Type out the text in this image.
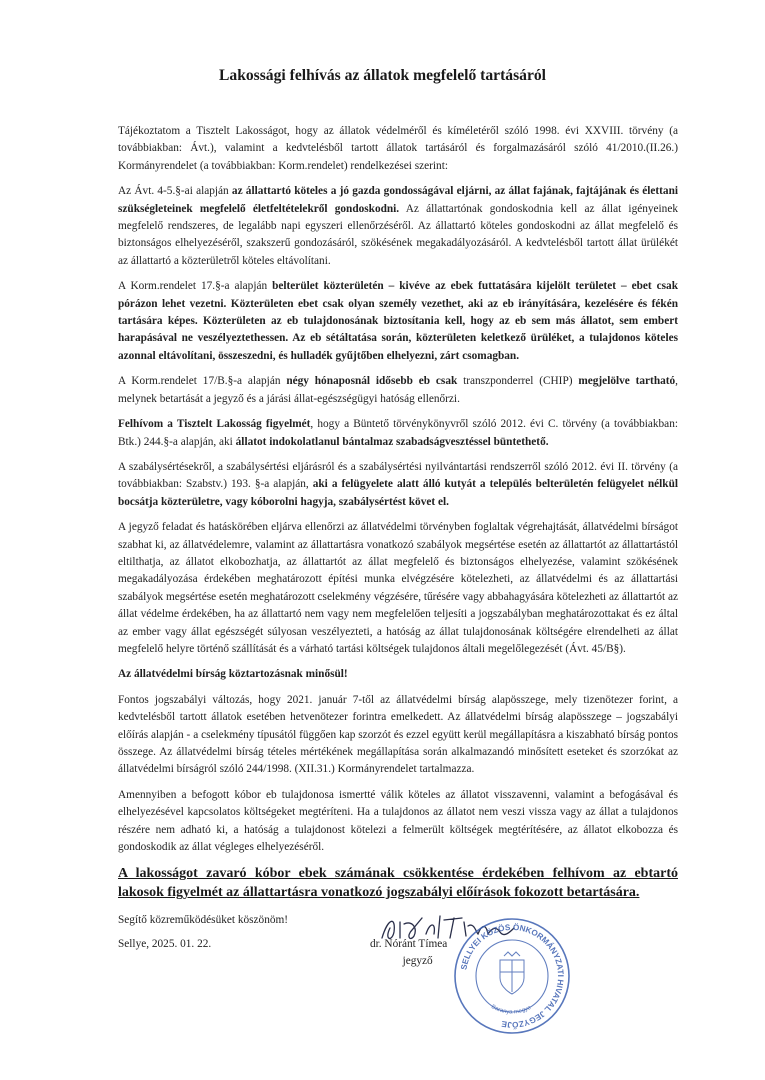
Lakossági felhívás az állatok megfelelő tartásáról

Tájékoztatom a Tisztelt Lakosságot, hogy az állatok védelméről és kíméletéről szóló 1998. évi XXVIII. törvény (a továbbiakban: Ávt.), valamint a kedvtelésből tartott állatok tartásáról és forgalmazásáról szóló 41/2010.(II.26.) Kormányrendelet (a továbbiakban: Korm.rendelet) rendelkezései szerint:

Az Ávt. 4-5.§-ai alapján az állattartó köteles a jó gazda gondosságával eljárni, az állat fajának, fajtájának és élettani szükségleteinek megfelelő életfeltételekről gondoskodni. Az állattartónak gondoskodnia kell az állat igényeinek megfelelő rendszeres, de legalább napi egyszeri ellenőrzéséről. Az állattartó köteles gondoskodni az állat megfelelő és biztonságos elhelyezéséről, szakszerű gondozásáról, szökésének megakadályozásáról. A kedvtelésből tartott állat ürülékét az állattartó a közterületről köteles eltávolítani.

A Korm.rendelet 17.§-a alapján belterület közterületén – kivéve az ebek futtatására kijelölt területet – ebet csak pórázon lehet vezetni. Közterületen ebet csak olyan személy vezethet, aki az eb irányítására, kezelésére és fékén tartására képes. Közterületen az eb tulajdonosának biztosítania kell, hogy az eb sem más állatot, sem embert harapásával ne veszélyeztethessen. Az eb sétáltatása során, közterületen keletkező ürüléket, a tulajdonos köteles azonnal eltávolítani, összeszedni, és hulladék gyűjtőben elhelyezni, zárt csomagban.

A Korm.rendelet 17/B.§-a alapján négy hónaposnál idősebb eb csak transzponderrel (CHIP) megjelölve tartható, melynek betartását a jegyző és a járási állat-egészségügyi hatóság ellenőrzi.

Felhívom a Tisztelt Lakosság figyelmét, hogy a Büntető törvénykönyvről szóló 2012. évi C. törvény (a továbbiakban: Btk.) 244.§-a alapján, aki állatot indokolatlanul bántalmaz szabadságvesztéssel büntethető.

A szabálysértésekről, a szabálysértési eljárásról és a szabálysértési nyilvántartási rendszerről szóló 2012. évi II. törvény (a továbbiakban: Szabstv.) 193. §-a alapján, aki a felügyelete alatt álló kutyát a település belterületén felügyelet nélkül bocsátja közterületre, vagy kóborolni hagyja, szabálysértést követ el.

A jegyző feladat és hatáskörében eljárva ellenőrzi az állatvédelmi törvényben foglaltak végrehajtását, állatvédelmi bírságot szabhat ki, az állatvédelemre, valamint az állattartásra vonatkozó szabályok megsértése esetén az állattartót az állattartástól eltilthatja, az állatot elkobozhatja, az állattartót az állat megfelelő és biztonságos elhelyezése, valamint szökésének megakadályozása érdekében meghatározott építési munka elvégzésére kötelezheti, az állatvédelmi és az állattartási szabályok megsértése esetén meghatározott cselekmény végzésére, tűrésére vagy abbahagyására kötelezheti az állattartót az állat védelme érdekében, ha az állattartó nem vagy nem megfelelően teljesíti a jogszabályban meghatározottakat és ez által az ember vagy állat egészségét súlyosan veszélyezteti, a hatóság az állat tulajdonosának költségére elrendelheti az állat megfelelő helyre történő szállítását és a várható tartási költségek tulajdonos általi megelőlegezését (Ávt. 45/B§).

Az állatvédelmi bírság köztartozásnak minősül!

Fontos jogszabályi változás, hogy 2021. január 7-től az állatvédelmi bírság alapösszege, mely tizenötezer forint, a kedvtelésből tartott állatok esetében hetvenötezer forintra emelkedett. Az állatvédelmi bírság alapösszege – jogszabályi előírás alapján - a cselekmény típusától függően kap szorzót és ezzel együtt kerül megállapításra a kiszabható bírság pontos összege. Az állatvédelmi bírság tételes mértékének megállapítása során alkalmazandó minősített eseteket és szorzókat az állatvédelmi bírságról szóló 244/1998. (XII.31.) Kormányrendelet tartalmazza.

Amennyiben a befogott kóbor eb tulajdonosa ismertté válik köteles az állatot visszavenni, valamint a befogásával és elhelyezésével kapcsolatos költségeket megtéríteni. Ha a tulajdonos az állatot nem veszi vissza vagy az állat a tulajdonos részére nem adható ki, a hatóság a tulajdonost kötelezi a felmerült költségek megtérítésére, az állatot elkobozza és gondoskodik az állat végleges elhelyezéséről.

A lakosságot zavaró kóbor ebek számának csökkentése érdekében felhívom az ebtartó lakosok figyelmét az állattartásra vonatkozó jogszabályi előírások fokozott betartására.
Segítő közreműködésüket köszönöm!
Sellye, 2025. 01. 22.	dr. Nóránt Tímea
jegyző	SELLYEI KÖZÖS ÖNKORMÁNYZATI HIVATAL JEGYZŐJE
Baranya megye
